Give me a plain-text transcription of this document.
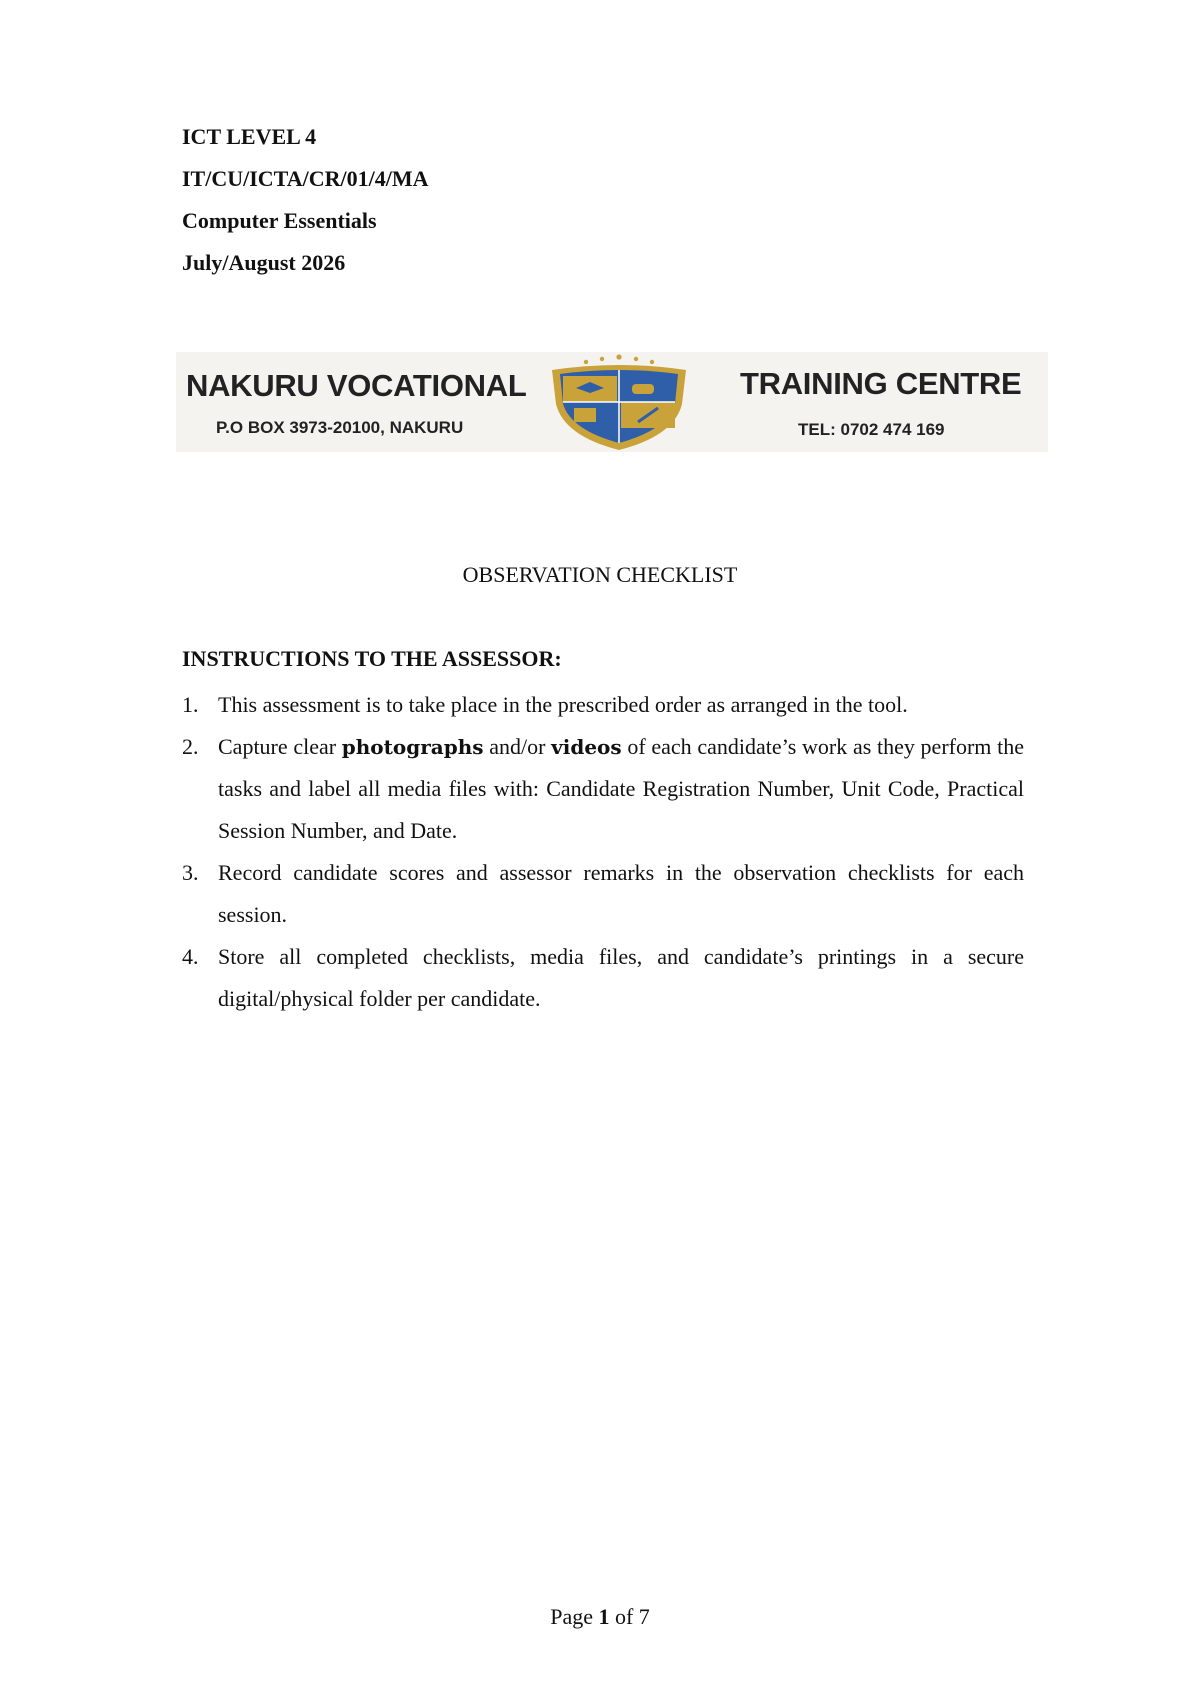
ICT LEVEL 4
IT/CU/ICTA/CR/01/4/MA
Computer Essentials
July/August 2026
NAKURU VOCATIONAL
P.O BOX 3973-20100, NAKURU
TRAINING CENTRE
TEL: 0702 474 169
OBSERVATION CHECKLIST
INSTRUCTIONS TO THE ASSESSOR:
1. This assessment is to take place in the prescribed order as arranged in the tool.
2. Capture clear photographs and/or videos of each candidate’s work as they perform the tasks and label all media files with: Candidate Registration Number, Unit Code, Practical Session Number, and Date.
3. Record candidate scores and assessor remarks in the observation checklists for each session.
4. Store all completed checklists, media files, and candidate’s printings in a secure digital/physical folder per candidate.
Page 1 of 7
